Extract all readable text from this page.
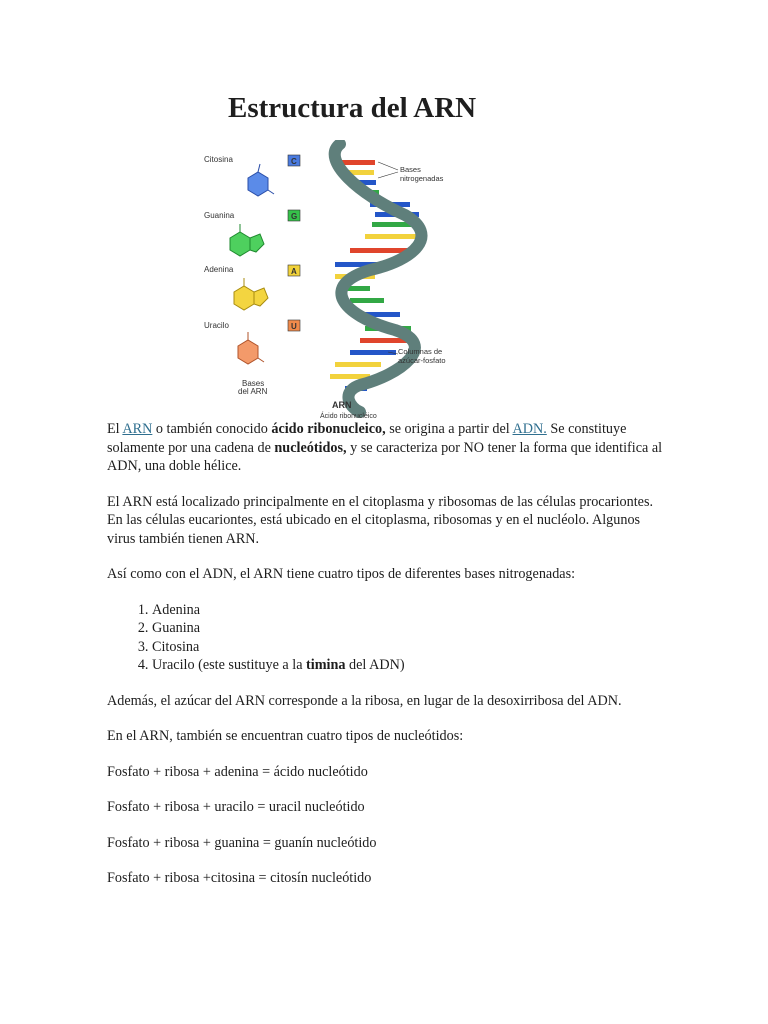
Estructura del ARN
Citosina
Guanina
Adenina
Uracilo
C
G
A
U
Bases
del ARN
Bases
nitrogenadas
Columnas de
azúcar-fosfato
ARN
Ácido ribonucléico

El ARN o también conocido ácido ribonucleico, se origina a partir del ADN. Se constituye solamente por una cadena de nucleótidos, y se caracteriza por NO tener la forma que identifica al ADN, una doble hélice.

El ARN está localizado principalmente en el citoplasma y ribosomas de las células procariontes. En las células eucariontes, está ubicado en el citoplasma, ribosomas y en el nucléolo. Algunos virus también tienen ARN.

Así como con el ADN, el ARN tiene cuatro tipos de diferentes bases nitrogenadas:

1. Adenina
2. Guanina
3. Citosina
4. Uracilo (este sustituye a la timina del ADN)

Además, el azúcar del ARN corresponde a la ribosa, en lugar de la desoxirribosa del ADN.

En el ARN, también se encuentran cuatro tipos de nucleótidos:

Fosfato + ribosa + adenina = ácido nucleótido

Fosfato + ribosa + uracilo = uracil nucleótido

Fosfato + ribosa + guanina = guanín nucleótido

Fosfato + ribosa +citosina = citosín nucleótido
